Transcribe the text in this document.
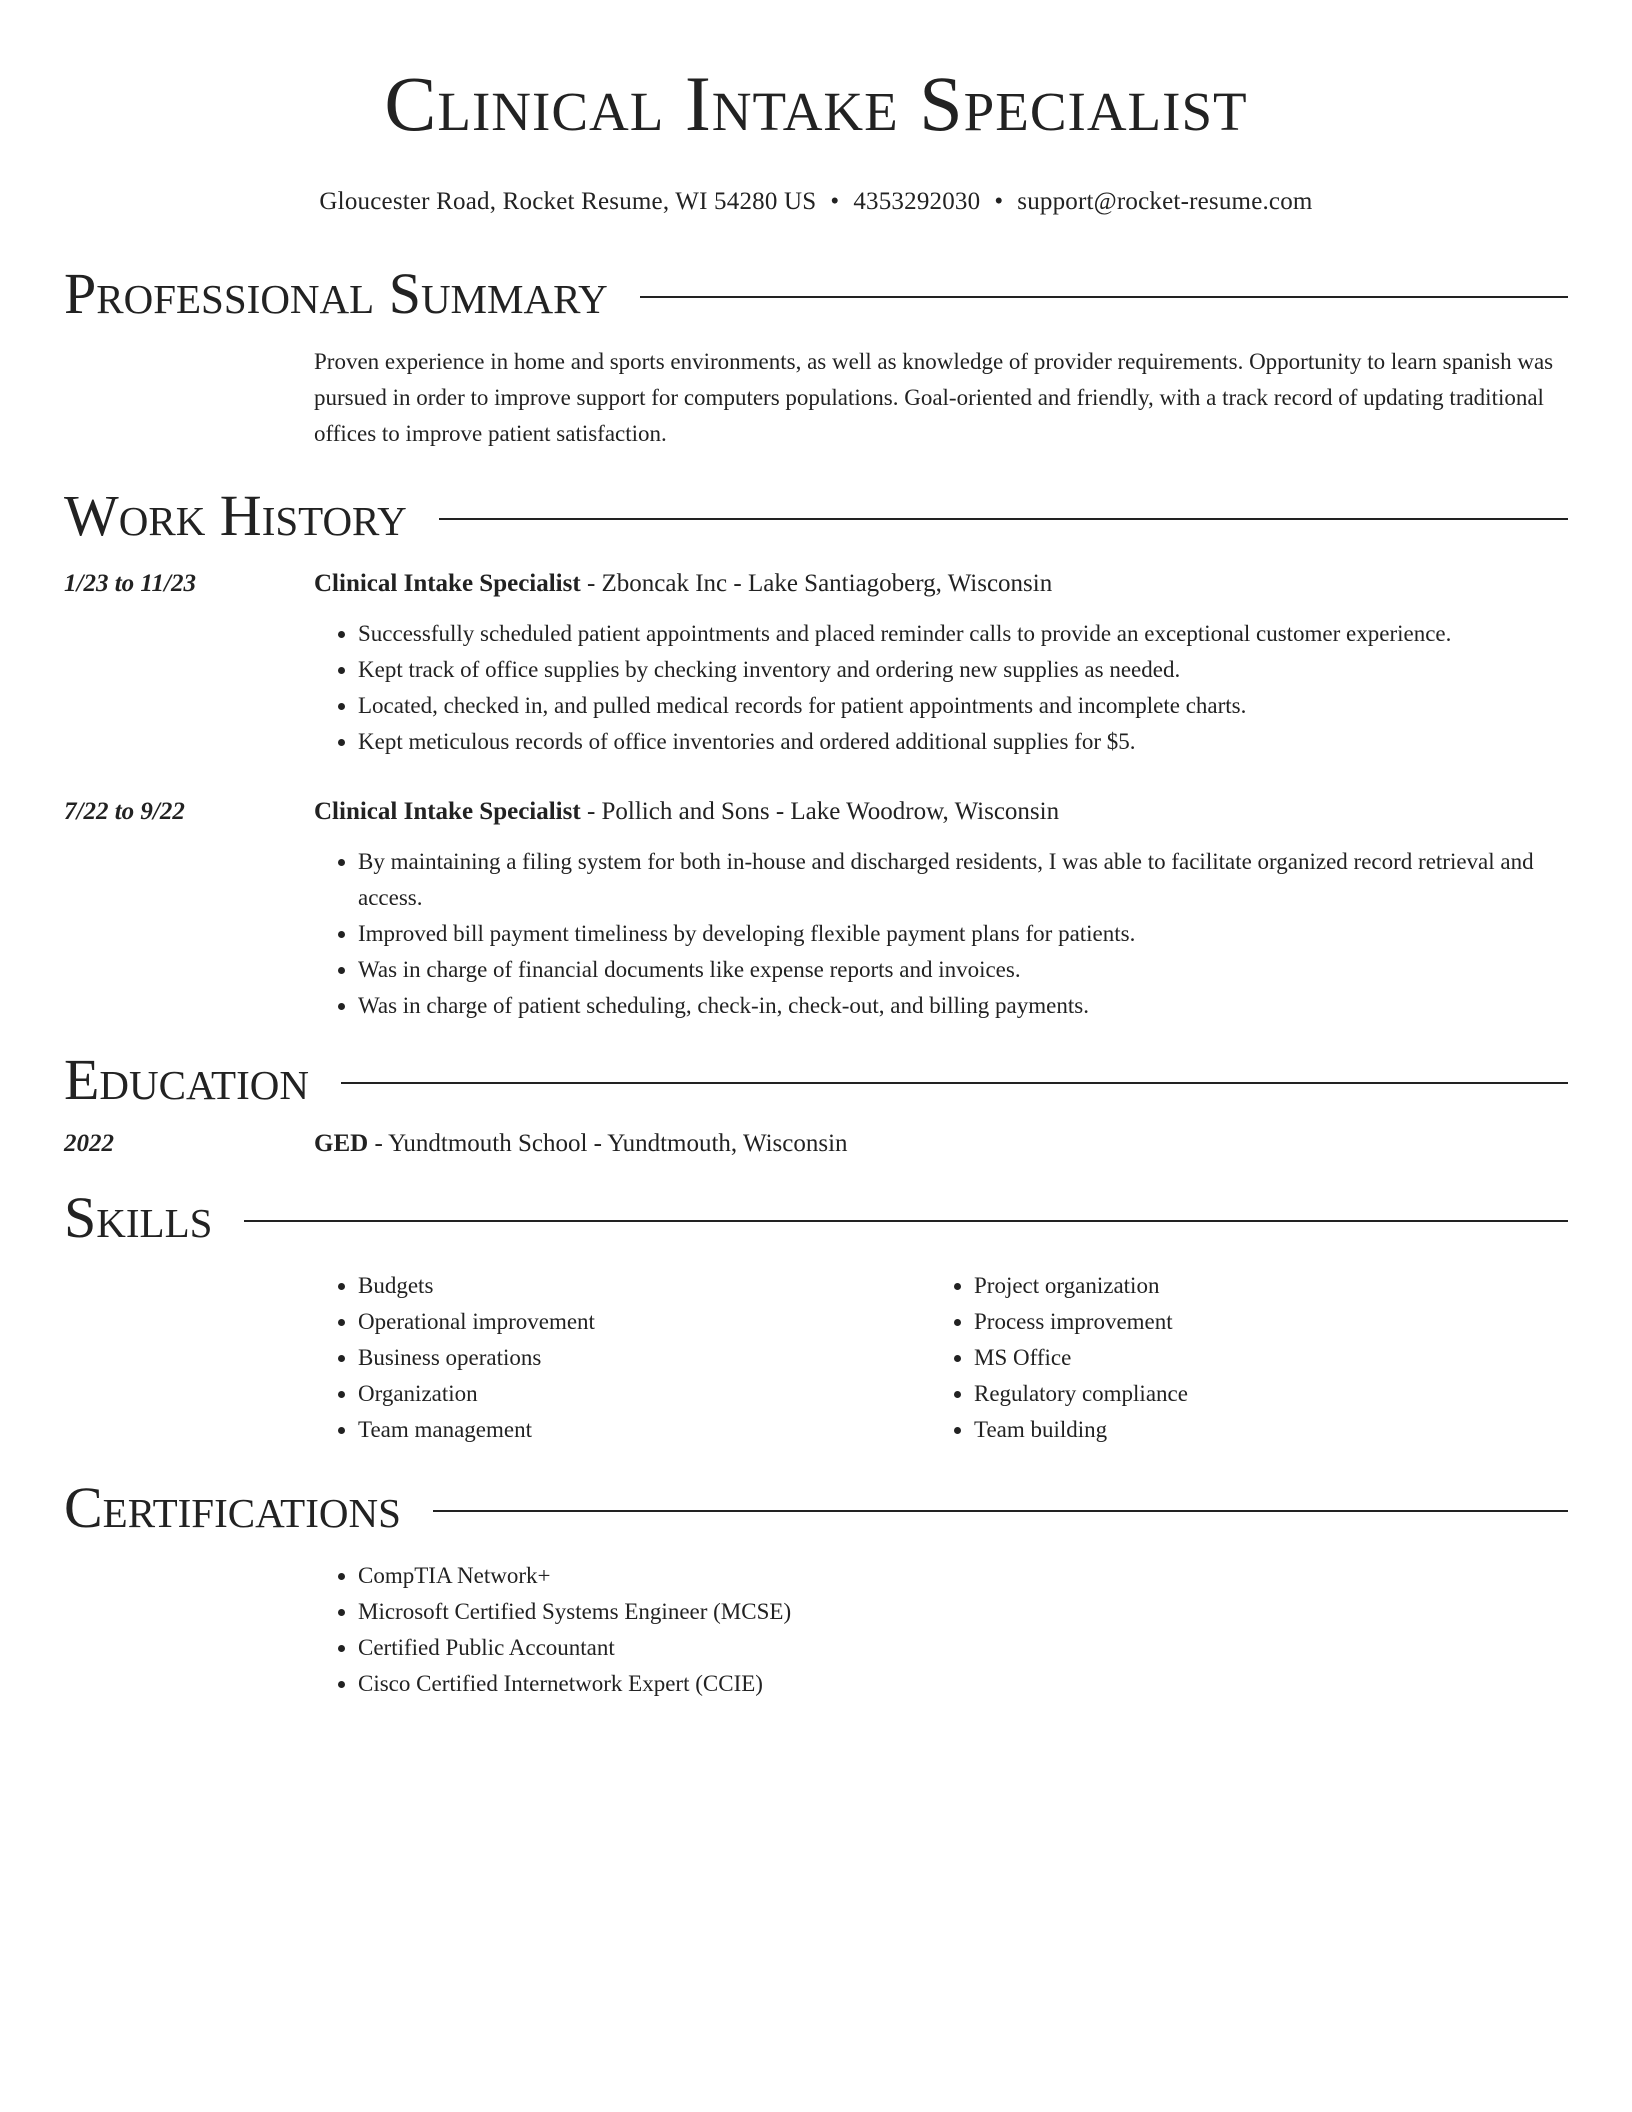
Clinical Intake Specialist
Gloucester Road, Rocket Resume, WI 54280 US • 4353292030 • support@rocket-resume.com
Professional Summary

Proven experience in home and sports environments, as well as knowledge of provider requirements. Opportunity to learn spanish was pursued in order to improve support for computers populations. Goal-oriented and friendly, with a track record of updating traditional offices to improve patient satisfaction.

Work History
1/23 to 11/23	Clinical Intake Specialist - Zboncak Inc - Lake Santiagoberg, Wisconsin
• Successfully scheduled patient appointments and placed reminder calls to provide an exceptional customer experience.
• Kept track of office supplies by checking inventory and ordering new supplies as needed.
• Located, checked in, and pulled medical records for patient appointments and incomplete charts.
• Kept meticulous records of office inventories and ordered additional supplies for $5.
7/22 to 9/22	Clinical Intake Specialist - Pollich and Sons - Lake Woodrow, Wisconsin
• By maintaining a filing system for both in-house and discharged residents, I was able to facilitate organized record retrieval and access.
• Improved bill payment timeliness by developing flexible payment plans for patients.
• Was in charge of financial documents like expense reports and invoices.
• Was in charge of patient scheduling, check-in, check-out, and billing payments.
Education
2022	GED - Yundtmouth School - Yundtmouth, Wisconsin
Skills
• Budgets
• Operational improvement
• Business operations
• Organization
• Team management
• Project organization
• Process improvement
• MS Office
• Regulatory compliance
• Team building
Certifications
• CompTIA Network+
• Microsoft Certified Systems Engineer (MCSE)
• Certified Public Accountant
• Cisco Certified Internetwork Expert (CCIE)
